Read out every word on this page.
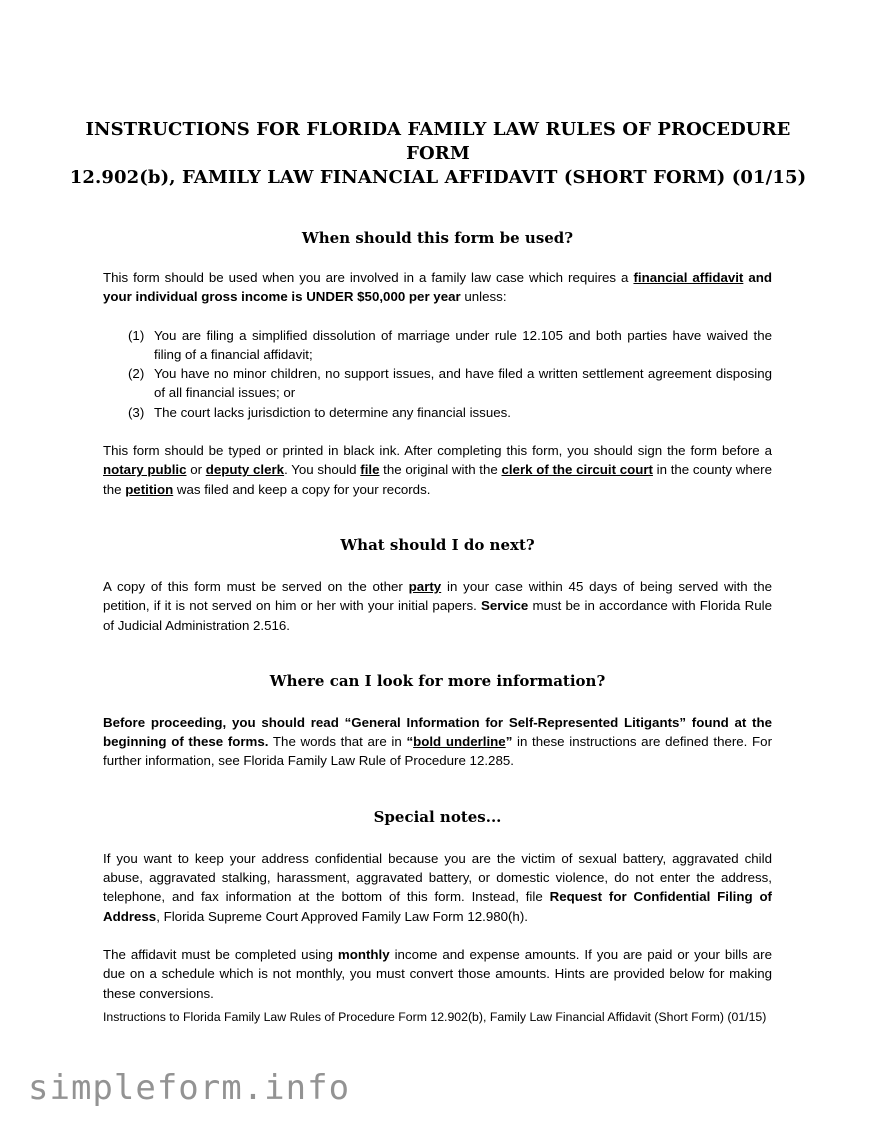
INSTRUCTIONS FOR FLORIDA FAMILY LAW RULES OF PROCEDURE FORM
12.902(b), FAMILY LAW FINANCIAL AFFIDAVIT (SHORT FORM) (01/15)
When should this form be used?

This form should be used when you are involved in a family law case which requires a financial affidavit and your individual gross income is UNDER $50,000 per year unless:

(1) You are filing a simplified dissolution of marriage under rule 12.105 and both parties have waived the filing of a financial affidavit;
(2) You have no minor children, no support issues, and have filed a written settlement agreement disposing of all financial issues; or
(3) The court lacks jurisdiction to determine any financial issues.

This form should be typed or printed in black ink. After completing this form, you should sign the form before a notary public or deputy clerk. You should file the original with the clerk of the circuit court in the county where the petition was filed and keep a copy for your records.

What should I do next?

A copy of this form must be served on the other party in your case within 45 days of being served with the petition, if it is not served on him or her with your initial papers. Service must be in accordance with Florida Rule of Judicial Administration 2.516.

Where can I look for more information?

Before proceeding, you should read “General Information for Self-Represented Litigants” found at the beginning of these forms. The words that are in “bold underline” in these instructions are defined there. For further information, see Florida Family Law Rule of Procedure 12.285.

Special notes...

If you want to keep your address confidential because you are the victim of sexual battery, aggravated child abuse, aggravated stalking, harassment, aggravated battery, or domestic violence, do not enter the address, telephone, and fax information at the bottom of this form. Instead, file Request for Confidential Filing of Address, Florida Supreme Court Approved Family Law Form 12.980(h).

The affidavit must be completed using monthly income and expense amounts. If you are paid or your bills are due on a schedule which is not monthly, you must convert those amounts. Hints are provided below for making these conversions.

Instructions to Florida Family Law Rules of Procedure Form 12.902(b), Family Law Financial Affidavit (Short Form) (01/15)
simpleform.info
